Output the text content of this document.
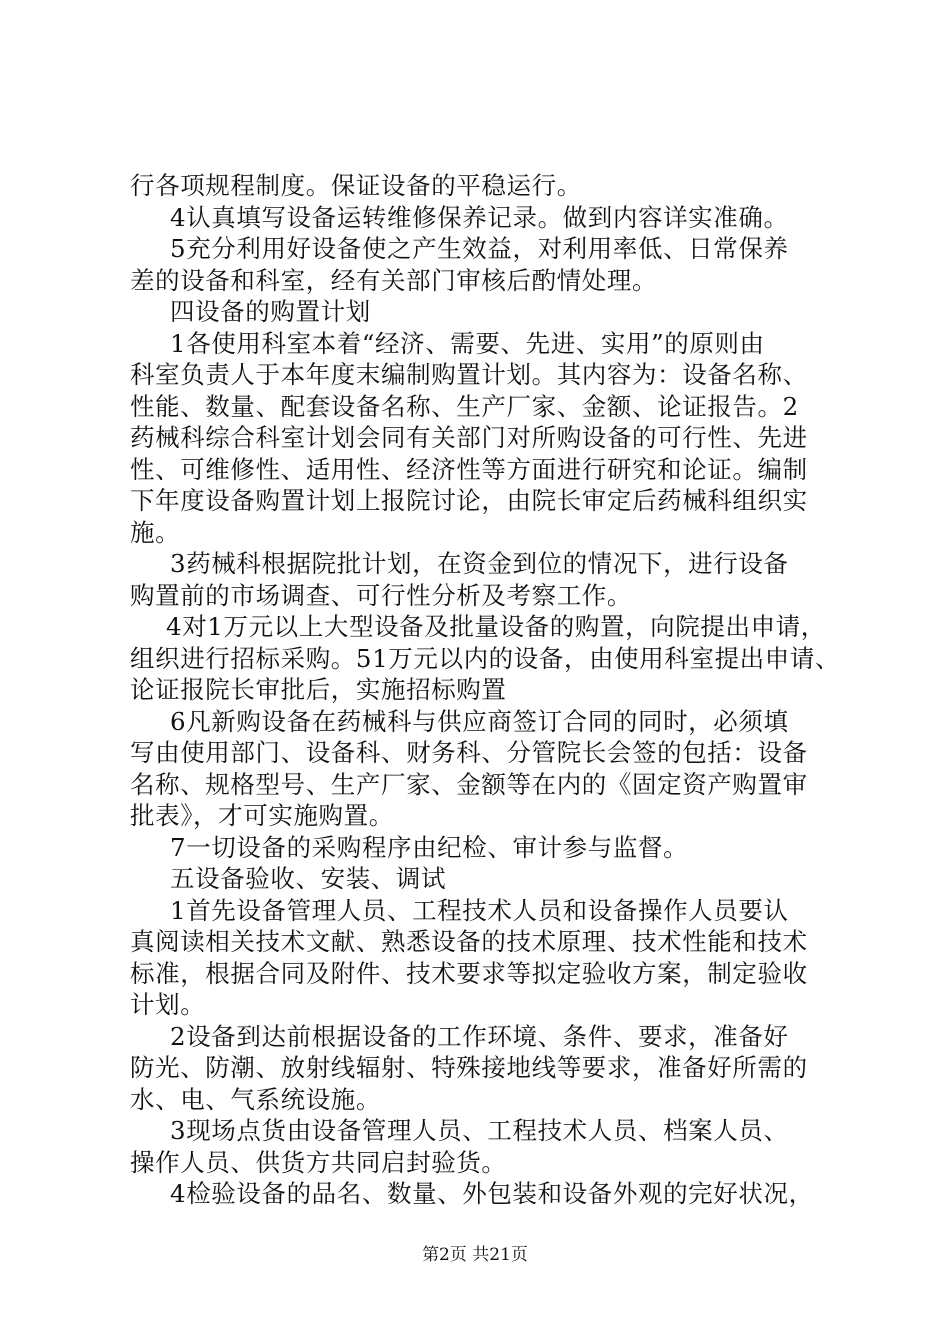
行各项规程制度。保证设备的平稳运行。
4认真填写设备运转维修保养记录。做到内容详实准确。
5充分利用好设备使之产生效益，对利用率低、日常保养
差的设备和科室，经有关部门审核后酌情处理。
四设备的购置计划
1各使用科室本着“经济、需要、先进、实用”的原则由
科室负责人于本年度末编制购置计划。其内容为：设备名称、
性能、数量、配套设备名称、生产厂家、金额、论证报告。2
药械科综合科室计划会同有关部门对所购设备的可行性、先进
性、可维修性、适用性、经济性等方面进行研究和论证。编制
下年度设备购置计划上报院讨论，由院长审定后药械科组织实
施。
3药械科根据院批计划，在资金到位的情况下，进行设备
购置前的市场调查、可行性分析及考察工作。
4对1万元以上大型设备及批量设备的购置，向院提出申请，
组织进行招标采购。51万元以内的设备，由使用科室提出申请、
论证报院长审批后，实施招标购置
6凡新购设备在药械科与供应商签订合同的同时，必须填
写由使用部门、设备科、财务科、分管院长会签的包括：设备
名称、规格型号、生产厂家、金额等在内的《固定资产购置审
批表》，才可实施购置。
7一切设备的采购程序由纪检、审计参与监督。
五设备验收、安装、调试
1首先设备管理人员、工程技术人员和设备操作人员要认
真阅读相关技术文献、熟悉设备的技术原理、技术性能和技术
标准，根据合同及附件、技术要求等拟定验收方案，制定验收
计划。
2设备到达前根据设备的工作环境、条件、要求，准备好
防光、防潮、放射线辐射、特殊接地线等要求，准备好所需的
水、电、气系统设施。
3现场点货由设备管理人员、工程技术人员、档案人员、
操作人员、供货方共同启封验货。
4检验设备的品名、数量、外包装和设备外观的完好状况，
第2页 共21页
